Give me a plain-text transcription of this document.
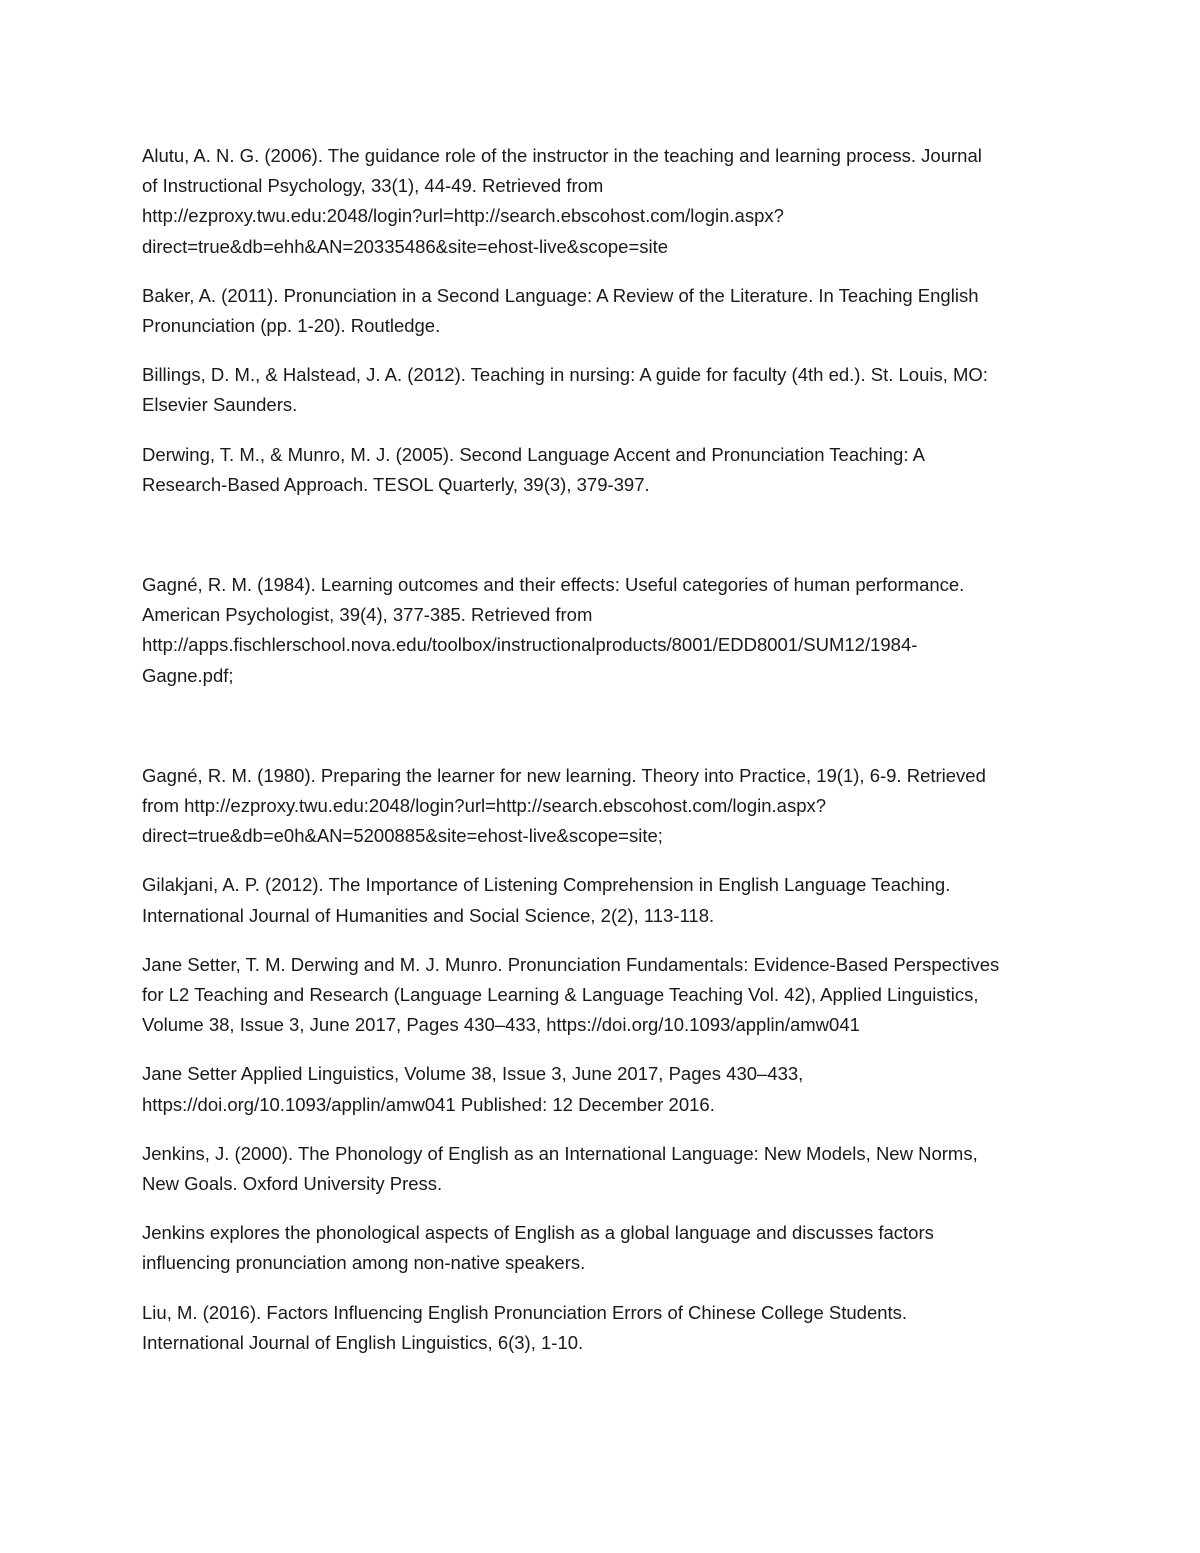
Alutu, A. N. G. (2006). The guidance role of the instructor in the teaching and learning process. Journal
of Instructional Psychology, 33(1), 44-49. Retrieved from
http://ezproxy.twu.edu:2048/login?url=http://search.ebscohost.com/login.aspx?
direct=true&db=ehh&AN=20335486&site=ehost-live&scope=site
Baker, A. (2011). Pronunciation in a Second Language: A Review of the Literature. In Teaching English
Pronunciation (pp. 1-20). Routledge.
Billings, D. M., & Halstead, J. A. (2012). Teaching in nursing: A guide for faculty (4th ed.). St. Louis, MO:
Elsevier Saunders.
Derwing, T. M., & Munro, M. J. (2005). Second Language Accent and Pronunciation Teaching: A
Research-Based Approach. TESOL Quarterly, 39(3), 379-397.
Gagné, R. M. (1984). Learning outcomes and their effects: Useful categories of human performance.
American Psychologist, 39(4), 377-385. Retrieved from
http://apps.fischlerschool.nova.edu/toolbox/instructionalproducts/8001/EDD8001/SUM12/1984-
Gagne.pdf;
Gagné, R. M. (1980). Preparing the learner for new learning. Theory into Practice, 19(1), 6-9. Retrieved
from http://ezproxy.twu.edu:2048/login?url=http://search.ebscohost.com/login.aspx?
direct=true&db=e0h&AN=5200885&site=ehost-live&scope=site;
Gilakjani, A. P. (2012). The Importance of Listening Comprehension in English Language Teaching.
International Journal of Humanities and Social Science, 2(2), 113-118.
Jane Setter, T. M. Derwing and M. J. Munro. Pronunciation Fundamentals: Evidence-Based Perspectives
for L2 Teaching and Research (Language Learning & Language Teaching Vol. 42), Applied Linguistics,
Volume 38, Issue 3, June 2017, Pages 430–433, https://doi.org/10.1093/applin/amw041
Jane Setter Applied Linguistics, Volume 38, Issue 3, June 2017, Pages 430–433,
https://doi.org/10.1093/applin/amw041 Published: 12 December 2016.
Jenkins, J. (2000). The Phonology of English as an International Language: New Models, New Norms,
New Goals. Oxford University Press.
Jenkins explores the phonological aspects of English as a global language and discusses factors
influencing pronunciation among non-native speakers.
Liu, M. (2016). Factors Influencing English Pronunciation Errors of Chinese College Students.
International Journal of English Linguistics, 6(3), 1-10.
